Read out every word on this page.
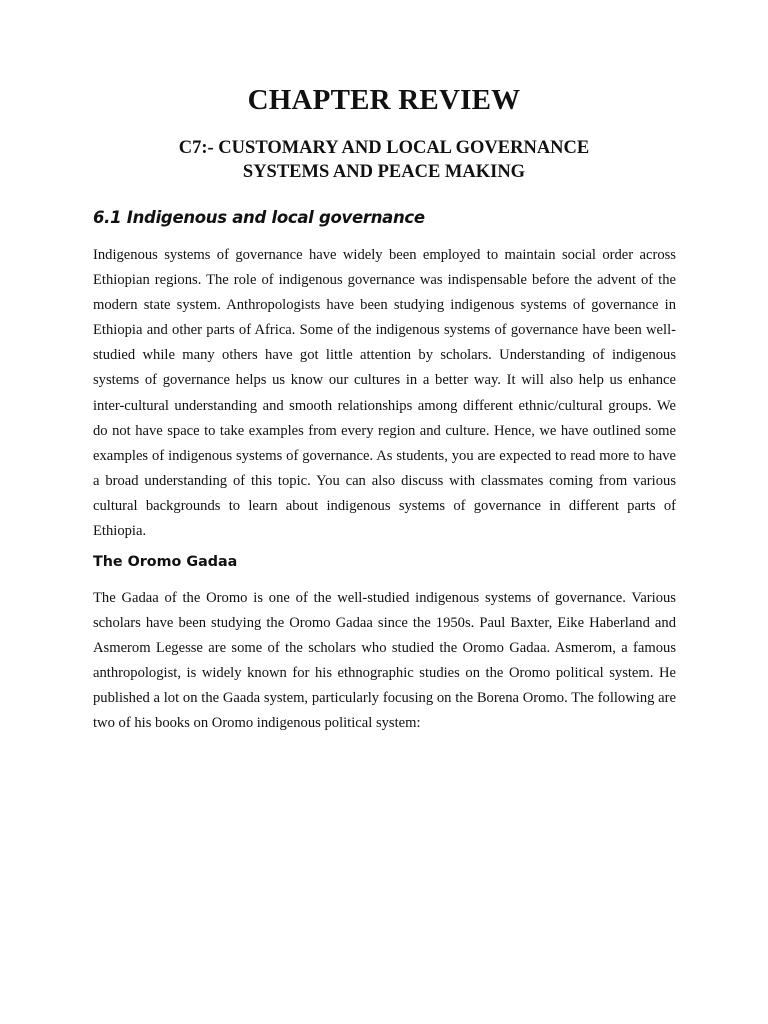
CHAPTER REVIEW
C7:- CUSTOMARY AND LOCAL GOVERNANCE
SYSTEMS AND PEACE MAKING
6.1 Indigenous and local governance

Indigenous systems of governance have widely been employed to maintain social order across Ethiopian regions. The role of indigenous governance was indispensable before the advent of the modern state system. Anthropologists have been studying indigenous systems of governance in Ethiopia and other parts of Africa. Some of the indigenous systems of governance have been well-studied while many others have got little attention by scholars. Understanding of indigenous systems of governance helps us know our cultures in a better way. It will also help us enhance inter-cultural understanding and smooth relationships among different ethnic/cultural groups. We do not have space to take examples from every region and culture. Hence, we have outlined some examples of indigenous systems of governance. As students, you are expected to read more to have a broad understanding of this topic. You can also discuss with classmates coming from various cultural backgrounds to learn about indigenous systems of governance in different parts of Ethiopia.

The Oromo Gadaa

The Gadaa of the Oromo is one of the well-studied indigenous systems of governance. Various scholars have been studying the Oromo Gadaa since the 1950s. Paul Baxter, Eike Haberland and Asmerom Legesse are some of the scholars who studied the Oromo Gadaa. Asmerom, a famous anthropologist, is widely known for his ethnographic studies on the Oromo political system. He published a lot on the Gaada system, particularly focusing on the Borena Oromo. The following are two of his books on Oromo indigenous political system:
